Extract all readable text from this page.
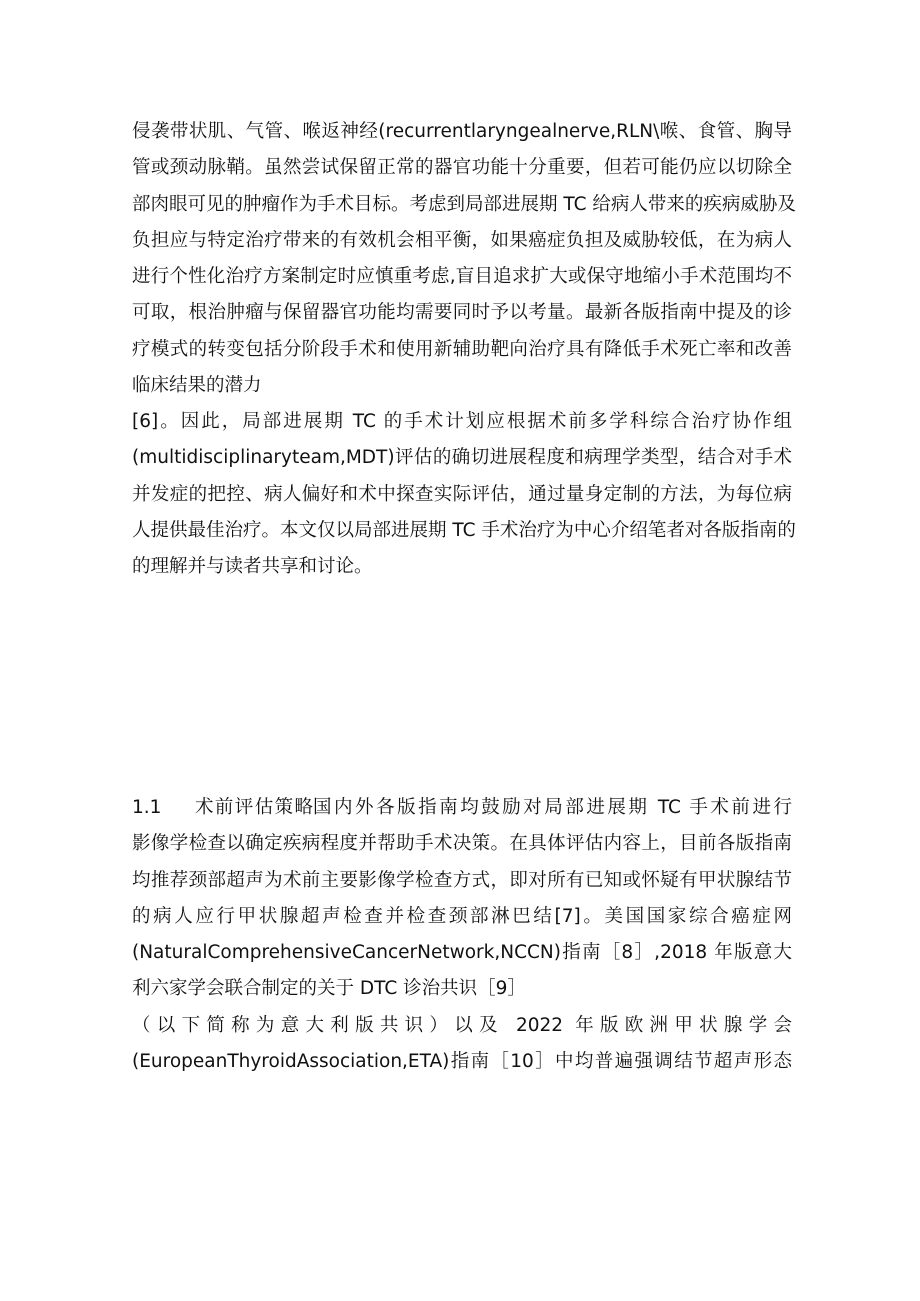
侵袭带状肌、气管、喉返神经(recurrentlaryngealnerve,RLN\喉、食管、胸导
管或颈动脉鞘。虽然尝试保留正常的器官功能十分重要，但若可能仍应以切除全
部肉眼可见的肿瘤作为手术目标。考虑到局部进展期 TC 给病人带来的疾病威胁及
负担应与特定治疗带来的有效机会相平衡，如果癌症负担及威胁较低，在为病人
进行个性化治疗方案制定时应慎重考虑,盲目追求扩大或保守地缩小手术范围均不
可取，根治肿瘤与保留器官功能均需要同时予以考量。最新各版指南中提及的诊
疗模式的转变包括分阶段手术和使用新辅助靶向治疗具有降低手术死亡率和改善
临床结果的潜力
[6]。因此，局部进展期 TC 的手术计划应根据术前多学科综合治疗协作组
(multidisciplinaryteam,MDT)评估的确切进展程度和病理学类型，结合对手术
并发症的把控、病人偏好和术中探查实际评估，通过量身定制的方法，为每位病
人提供最佳治疗。本文仅以局部进展期 TC 手术治疗为中心介绍笔者对各版指南的
的理解并与读者共享和讨论。
1.1	术前评估策略 国内外各版指南均鼓励对局部进展期 TC 手术前进行
影像学检查以确定疾病程度并帮助手术决策。在具体评估内容上，目前各版指南
均推荐颈部超声为术前主要影像学检查方式，即对所有已知或怀疑有甲状腺结节
的病人应行甲状腺超声检查并检查颈部淋巴结[7]。美国国家综合癌症网
(NaturalComprehensiveCancerNetwork,NCCN)指南［8］,2018 年版意大
利六家学会联合制定的关于 DTC 诊治共识［9］
（以下简称为意大利版共识）以及 2022 年版欧洲甲状腺学会
(EuropeanThyroidAssociation,ETA)指南［10］中均普遍强调结节超声形态
